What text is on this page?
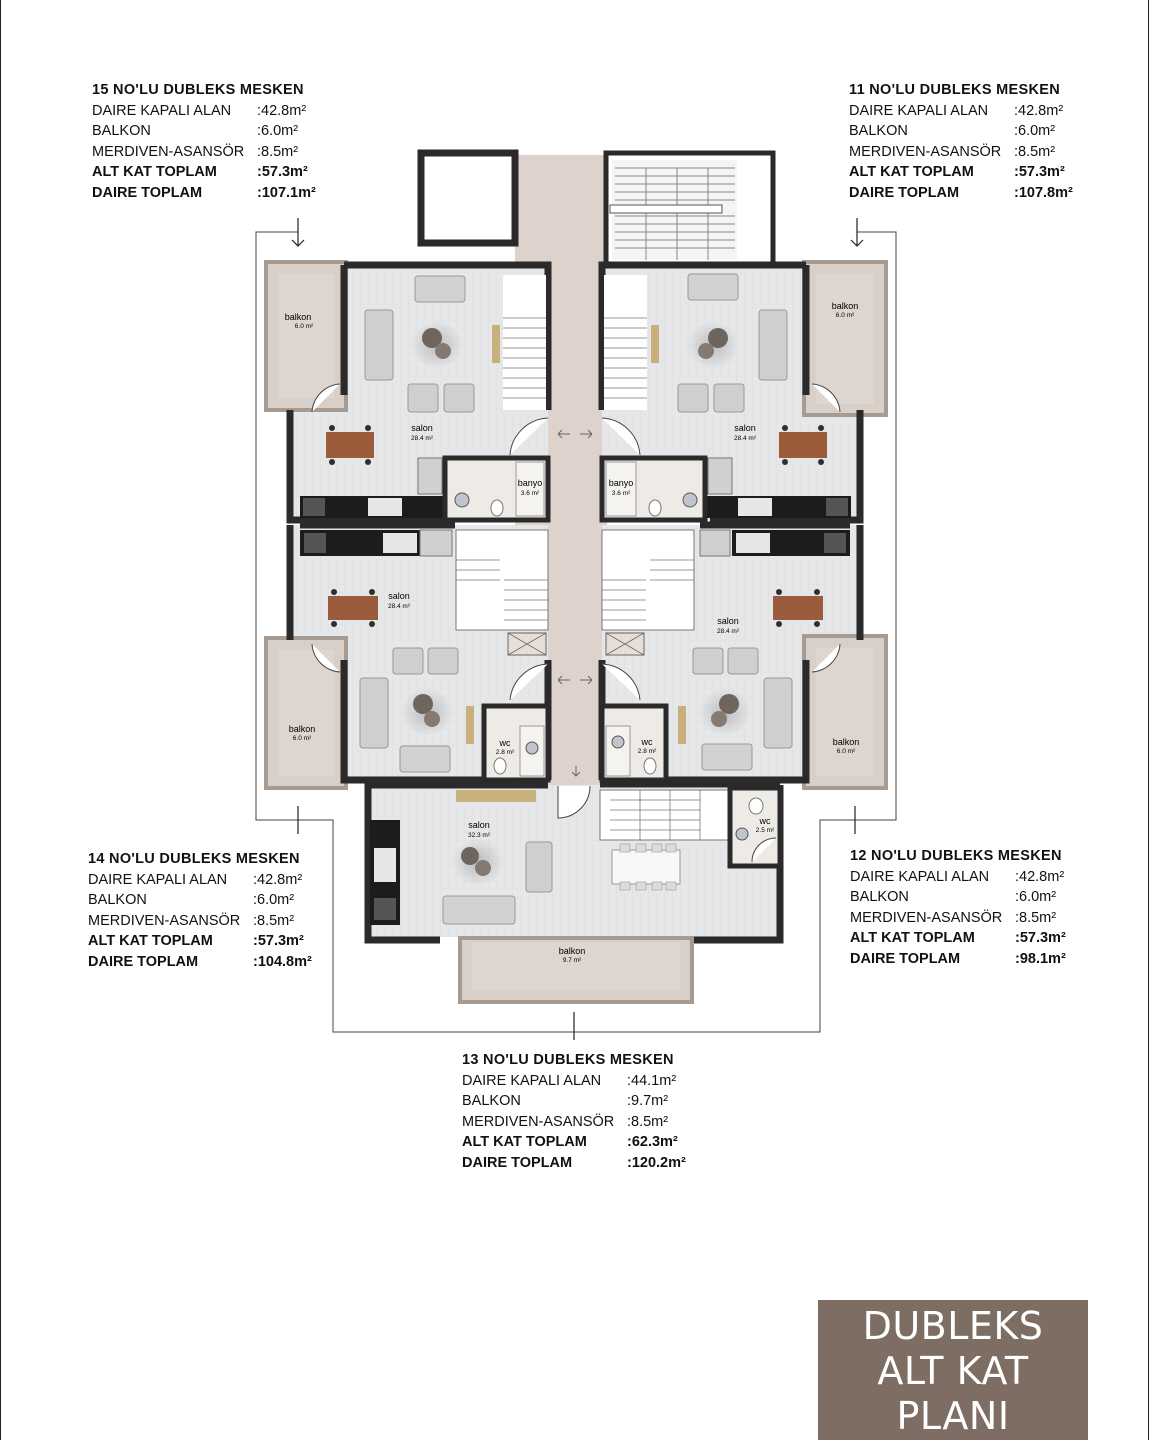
banyo
3.6 m²
balkon
6.0 m²
salon
28.4 m²
banyo
3.6 m²
balkon
6.0 m²
salon
28.4 m²
wc
2.8 m²
balkon
6.0 m²
salon
28.4 m²
wc
2.8 m²
balkon
6.0 m²
salon
28.4 m²
wc
2.5 m²
salon
32.3 m²
balkon
9.7 m²
15 NO'LU DUBLEKS MESKEN
DAIRE KAPALI ALAN	:42.8m²
BALKON	:6.0m²
MERDIVEN-ASANSÖR :8.5m²
ALT KAT TOPLAM	:57.3m²
DAIRE TOPLAM	:107.1m²
11 NO'LU DUBLEKS MESKEN
DAIRE KAPALI ALAN	:42.8m²
BALKON	:6.0m²
MERDIVEN-ASANSÖR :8.5m²
ALT KAT TOPLAM	:57.3m²
DAIRE TOPLAM	:107.8m²
14 NO'LU DUBLEKS MESKEN
DAIRE KAPALI ALAN	:42.8m²
BALKON	:6.0m²
MERDIVEN-ASANSÖR :8.5m²
ALT KAT TOPLAM	:57.3m²
DAIRE TOPLAM	:104.8m²
12 NO'LU DUBLEKS MESKEN
DAIRE KAPALI ALAN	:42.8m²
BALKON	:6.0m²
MERDIVEN-ASANSÖR :8.5m²
ALT KAT TOPLAM	:57.3m²
DAIRE TOPLAM	:98.1m²
13 NO'LU DUBLEKS MESKEN
DAIRE KAPALI ALAN	:44.1m²
BALKON	:9.7m²
MERDIVEN-ASANSÖR :8.5m²
ALT KAT TOPLAM	:62.3m²
DAIRE TOPLAM	:120.2m²
DUBLEKS
ALT KAT
PLANI
